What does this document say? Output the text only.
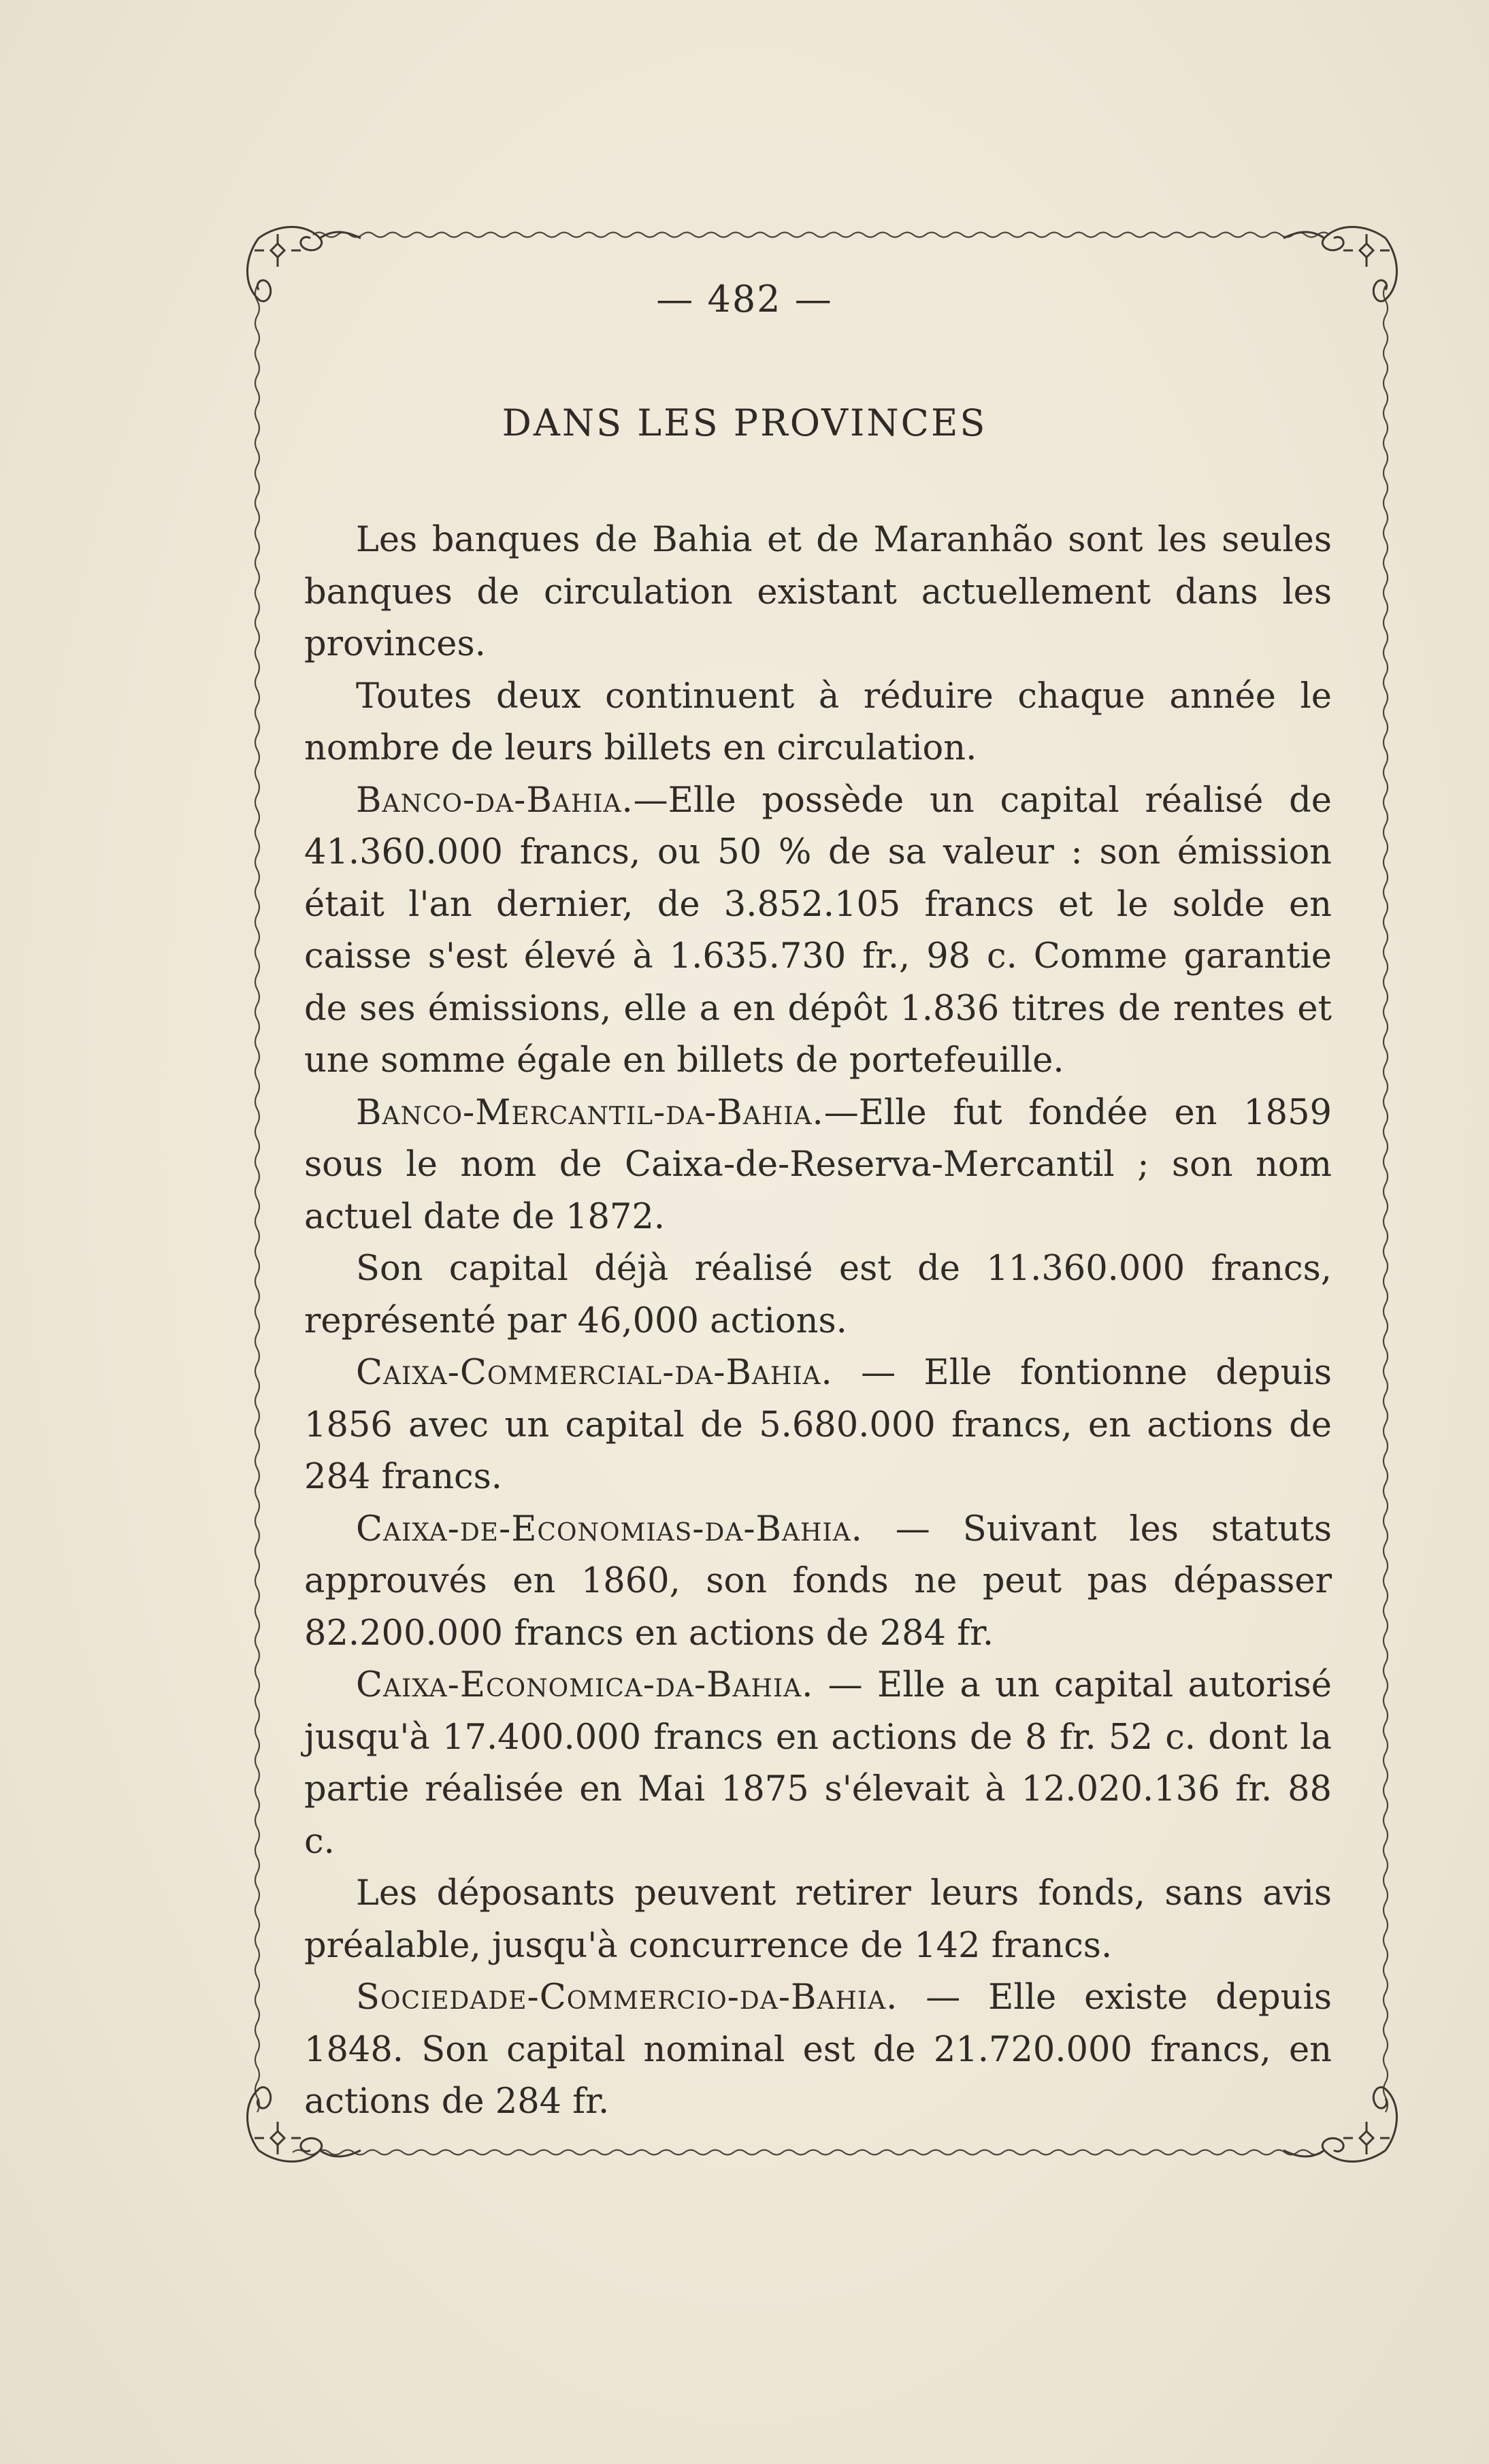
— 482 —
DANS LES PROVINCES

Les banques de Bahia et de Maranhão sont les seules banques de circulation existant actuellement dans les provinces.

Toutes deux continuent à réduire chaque année le nombre de leurs billets en circulation.

Banco-da-Bahia.—Elle possède un capital réalisé de 41.360.000 francs, ou 50 % de sa valeur : son émission était l'an dernier, de 3.852.105 francs et le solde en caisse s'est élevé à 1.635.730 fr., 98 c. Comme garantie de ses émissions, elle a en dépôt 1.836 titres de rentes et une somme égale en billets de portefeuille.

Banco-Mercantil-da-Bahia.—Elle fut fondée en 1859 sous le nom de Caixa-de-Reserva-Mercantil ; son nom actuel date de 1872.

Son capital déjà réalisé est de 11.360.000 francs, représenté par 46,000 actions.

Caixa-Commercial-da-Bahia. — Elle fontionne depuis 1856 avec un capital de 5.680.000 francs, en actions de 284 francs.

Caixa-de-Economias-da-Bahia. — Suivant les statuts approuvés en 1860, son fonds ne peut pas dépasser 82.200.000 francs en actions de 284 fr.

Caixa-Economica-da-Bahia. — Elle a un capital autorisé jusqu'à 17.400.000 francs en actions de 8 fr. 52 c. dont la partie réalisée en Mai 1875 s'élevait à 12.020.136 fr. 88 c.

Les déposants peuvent retirer leurs fonds, sans avis préalable, jusqu'à concurrence de 142 francs.

Sociedade-Commercio-da-Bahia. — Elle existe depuis 1848. Son capital nominal est de 21.720.000 francs, en actions de 284 fr.
